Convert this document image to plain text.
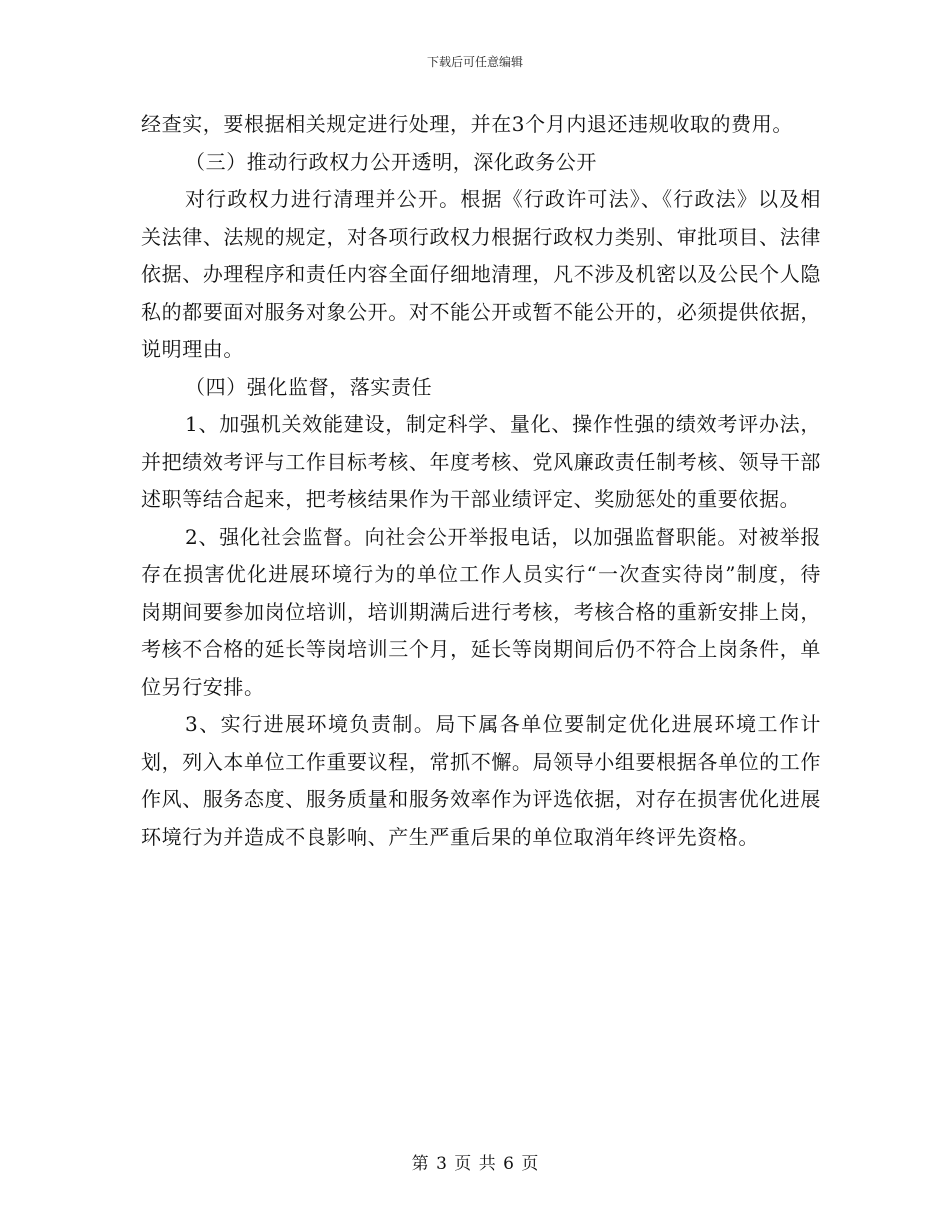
下载后可任意编辑

经查实，要根据相关规定进行处理，并在3个月内退还违规收取的费用。

（三）推动行政权力公开透明，深化政务公开

对行政权力进行清理并公开。根据《行政许可法》、《行政法》以及相关法律、法规的规定，对各项行政权力根据行政权力类别、审批项目、法律依据、办理程序和责任内容全面仔细地清理，凡不涉及机密以及公民个人隐私的都要面对服务对象公开。对不能公开或暂不能公开的，必须提供依据，说明理由。

（四）强化监督，落实责任

1、加强机关效能建设，制定科学、量化、操作性强的绩效考评办法，并把绩效考评与工作目标考核、年度考核、党风廉政责任制考核、领导干部述职等结合起来，把考核结果作为干部业绩评定、奖励惩处的重要依据。

2、强化社会监督。向社会公开举报电话，以加强监督职能。对被举报存在损害优化进展环境行为的单位工作人员实行“一次查实待岗”制度，待岗期间要参加岗位培训，培训期满后进行考核，考核合格的重新安排上岗，考核不合格的延长等岗培训三个月，延长等岗期间后仍不符合上岗条件，单位另行安排。

3、实行进展环境负责制。局下属各单位要制定优化进展环境工作计划，列入本单位工作重要议程，常抓不懈。局领导小组要根据各单位的工作作风、服务态度、服务质量和服务效率作为评选依据，对存在损害优化进展环境行为并造成不良影响、产生严重后果的单位取消年终评先资格。

第 3 页 共 6 页
